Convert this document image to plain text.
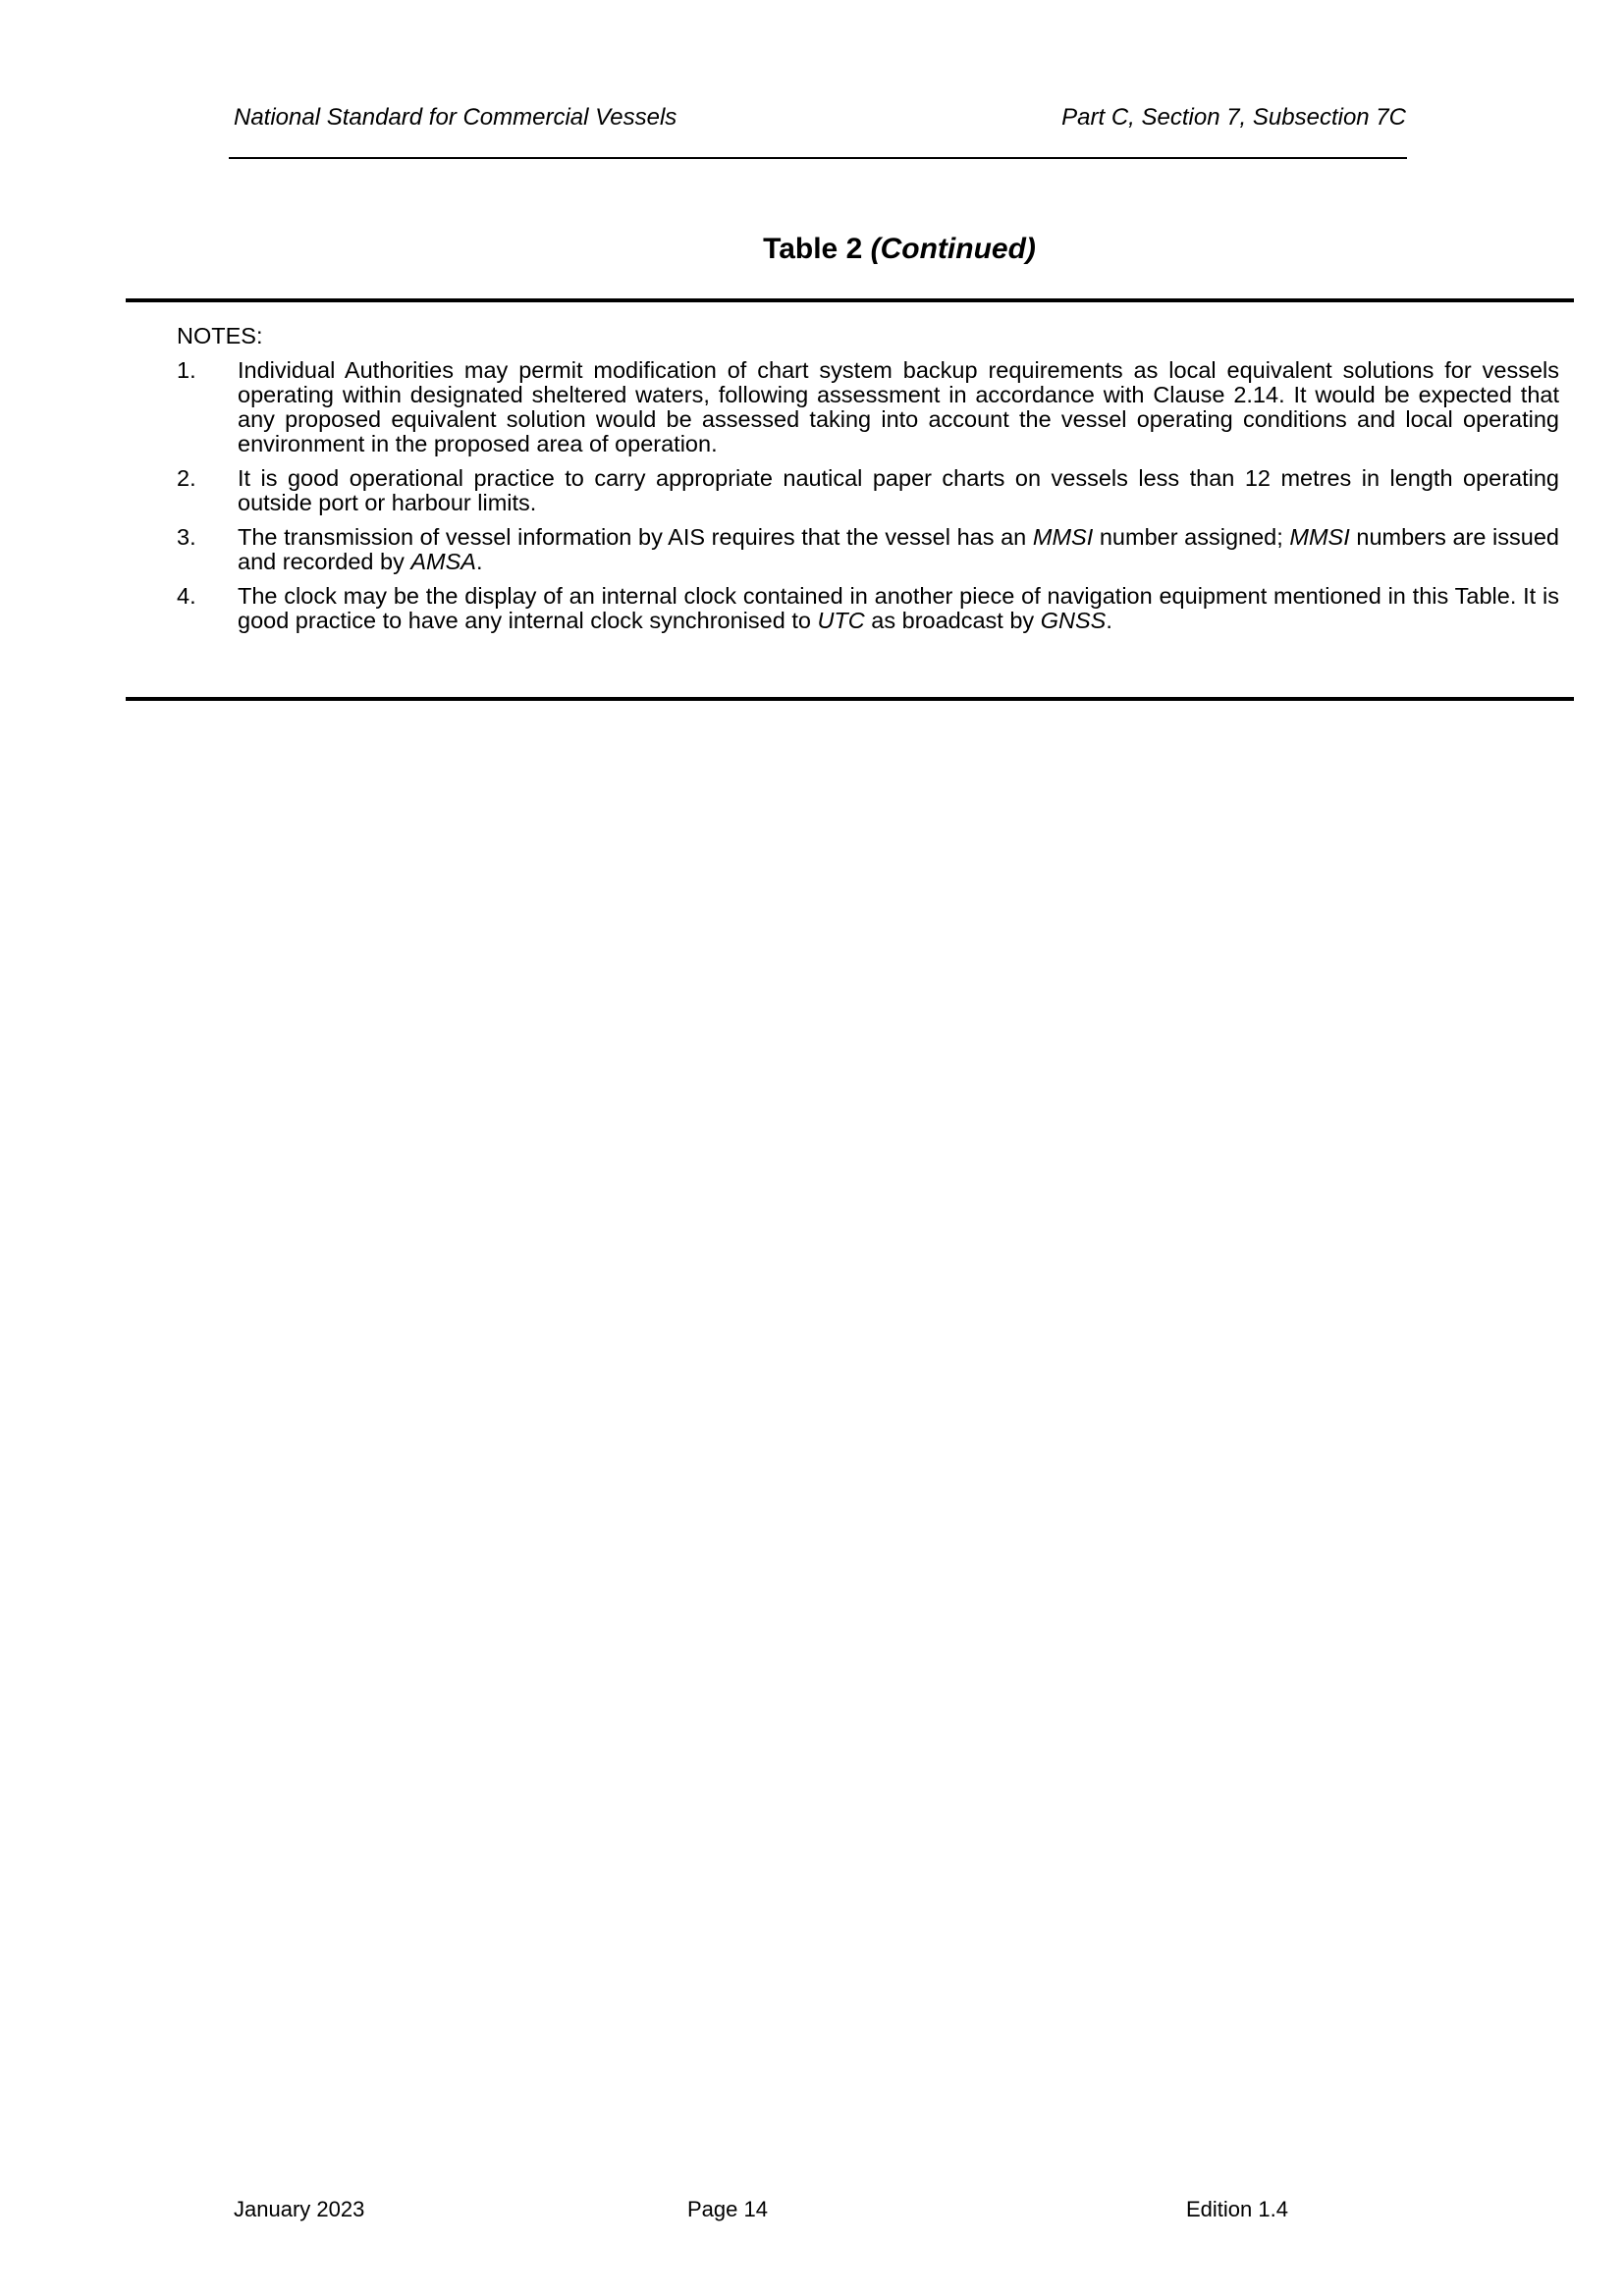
National Standard for Commercial Vessels	Part C, Section 7, Subsection 7C
Table 2 (Continued)
NOTES:
1. Individual Authorities may permit modification of chart system backup requirements as local equivalent solutions for vessels operating within designated sheltered waters, following assessment in accordance with Clause 2.14. It would be expected that any proposed equivalent solution would be assessed taking into account the vessel operating conditions and local operating environment in the proposed area of operation.
2. It is good operational practice to carry appropriate nautical paper charts on vessels less than 12 metres in length operating outside port or harbour limits.
3. The transmission of vessel information by AIS requires that the vessel has an MMSI number assigned; MMSI numbers are issued and recorded by AMSA.
4. The clock may be the display of an internal clock contained in another piece of navigation equipment mentioned in this Table. It is good practice to have any internal clock synchronised to UTC as broadcast by GNSS.
January 2023	Page 14	Edition 1.4
